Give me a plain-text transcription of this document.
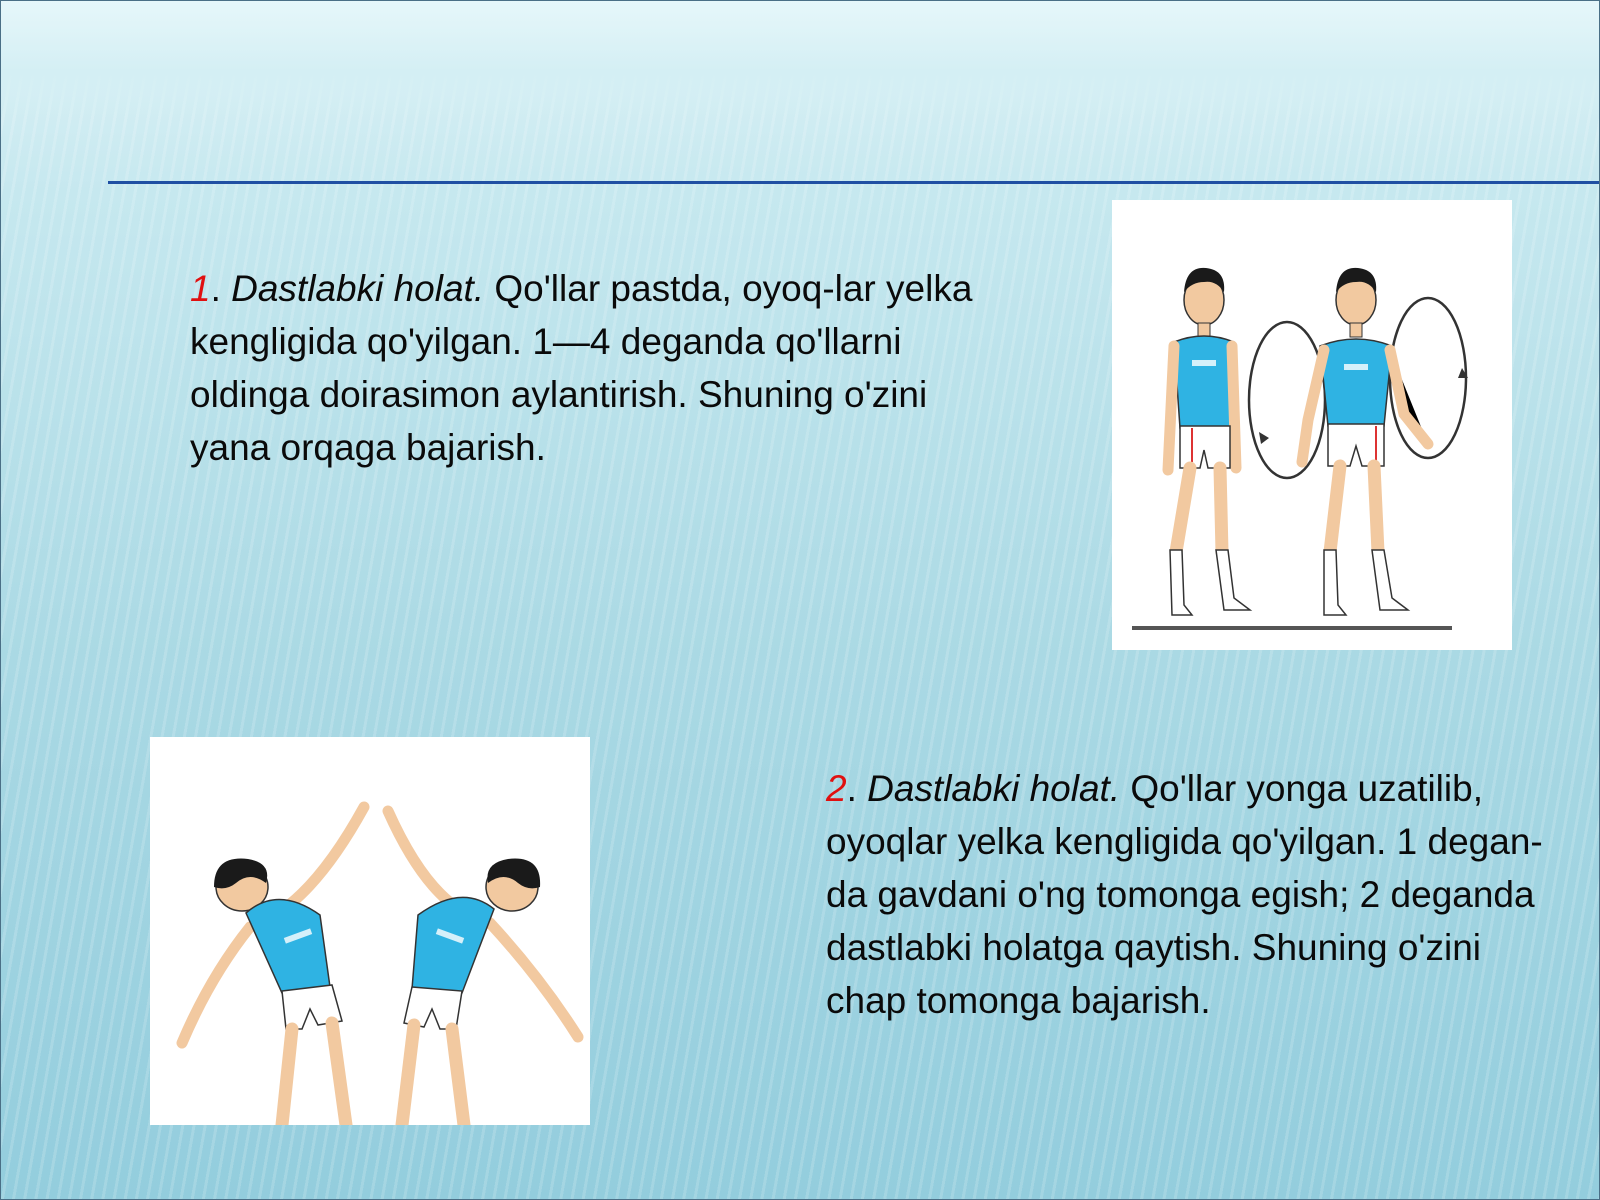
1. Dastlabki holat. Qo'llar pastda, oyoq-lar yelka kengligida qo'yilgan. 1—4 deganda qo'llarni oldinga doirasimon aylantirish. Shuning o'zini yana orqaga bajarish.
2. Dastlabki holat. Qo'llar yonga uzatilib, oyoqlar yelka kengligida qo'yilgan. 1 degan- da gavdani o'ng tomonga egish; 2 deganda dastlabki holatga qaytish. Shuning o'zini chap tomonga bajarish.
